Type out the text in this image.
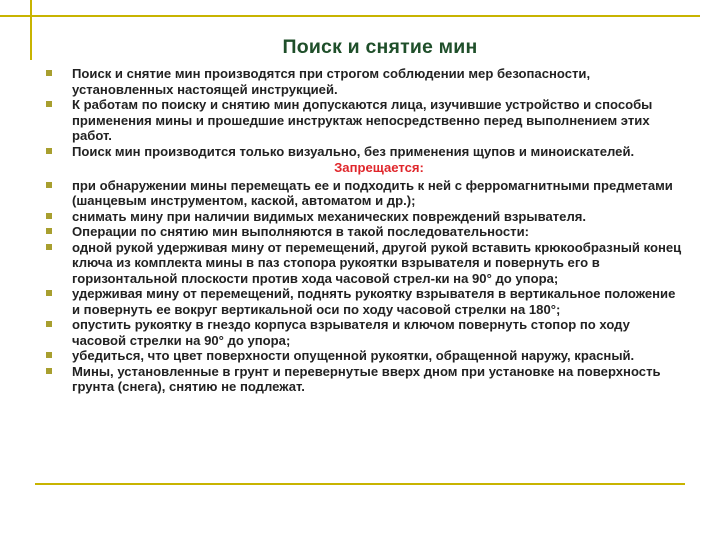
Поиск и снятие мин
Поиск и снятие мин производятся при строгом соблюдении мер безопасности, установленных настоящей инструкцией.
К работам по поиску и снятию мин допускаются лица, изучившие устройство и способы применения мины и прошедшие инструктаж непосредственно перед выполнением этих работ.
Поиск мин производится только визуально, без применения щупов и миноискателей.
Запрещается:
при обнаружении мины перемещать ее и подходить к ней с ферромагнитными предметами (шанцевым инструментом, каской, автоматом и др.);
снимать мину при наличии видимых механических повреждений взрывателя.
Операции по снятию мин выполняются в такой последовательности:
одной рукой удерживая мину от перемещений, другой рукой вставить крюкообразный конец ключа из комплекта мины в паз стопора рукоятки взрывателя и повернуть его в горизонтальной плоскости против хода часовой стрел-ки на 90° до упора;
удерживая мину от перемещений, поднять рукоятку взрывателя в вертикальное положение и повернуть ее вокруг вертикальной оси по ходу часовой стрелки на 180°;
опустить рукоятку в гнездо корпуса взрывателя и ключом повернуть стопор по ходу часовой стрелки на 90° до упора;
убедиться, что цвет поверхности опущенной рукоятки, обращенной наружу, красный.
Мины, установленные в грунт и перевернутые вверх дном при установке на поверхность грунта (снега), снятию не подлежат.
